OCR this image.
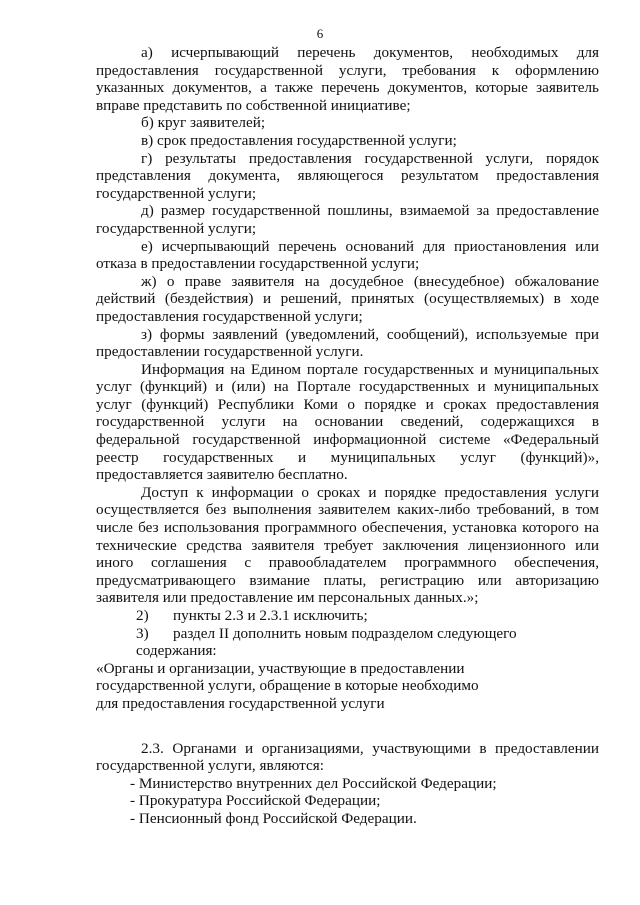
6

а) исчерпывающий перечень документов, необходимых для предоставления государственной услуги, требования к оформлению указанных документов, а также перечень документов, которые заявитель вправе представить по собственной инициативе;

б) круг заявителей;

в) срок предоставления государственной услуги;

г) результаты предоставления государственной услуги, порядок представления документа, являющегося результатом предоставления государственной услуги;

д) размер государственной пошлины, взимаемой за предоставление государственной услуги;

е) исчерпывающий перечень оснований для приостановления или отказа в предоставлении государственной услуги;

ж) о праве заявителя на досудебное (внесудебное) обжалование действий (бездействия) и решений, принятых (осуществляемых) в ходе предоставления государственной услуги;

з) формы заявлений (уведомлений, сообщений), используемые при предоставлении государственной услуги.

Информация на Едином портале государственных и муниципальных услуг (функций) и (или) на Портале государственных и муниципальных услуг (функций) Республики Коми о порядке и сроках предоставления государственной услуги на основании сведений, содержащихся в федеральной государственной информационной системе «Федеральный реестр государственных и муниципальных услуг (функций)», предоставляется заявителю бесплатно.

Доступ к информации о сроках и порядке предоставления услуги осуществляется без выполнения заявителем каких-либо требований, в том числе без использования программного обеспечения, установка которого на технические средства заявителя требует заключения лицензионного или иного соглашения с правообладателем программного обеспечения, предусматривающего взимание платы, регистрацию или авторизацию заявителя или предоставление им персональных данных.»;

2) пункты 2.3 и 2.3.1 исключить;

3) раздел II дополнить новым подразделом следующего содержания:

«Органы и организации, участвующие в предоставлении

государственной услуги, обращение в которые необходимо

для предоставления государственной услуги

2.3. Органами и организациями, участвующими в предоставлении государственной услуги, являются:

- Министерство внутренних дел Российской Федерации;

- Прокуратура Российской Федерации;

- Пенсионный фонд Российской Федерации.
